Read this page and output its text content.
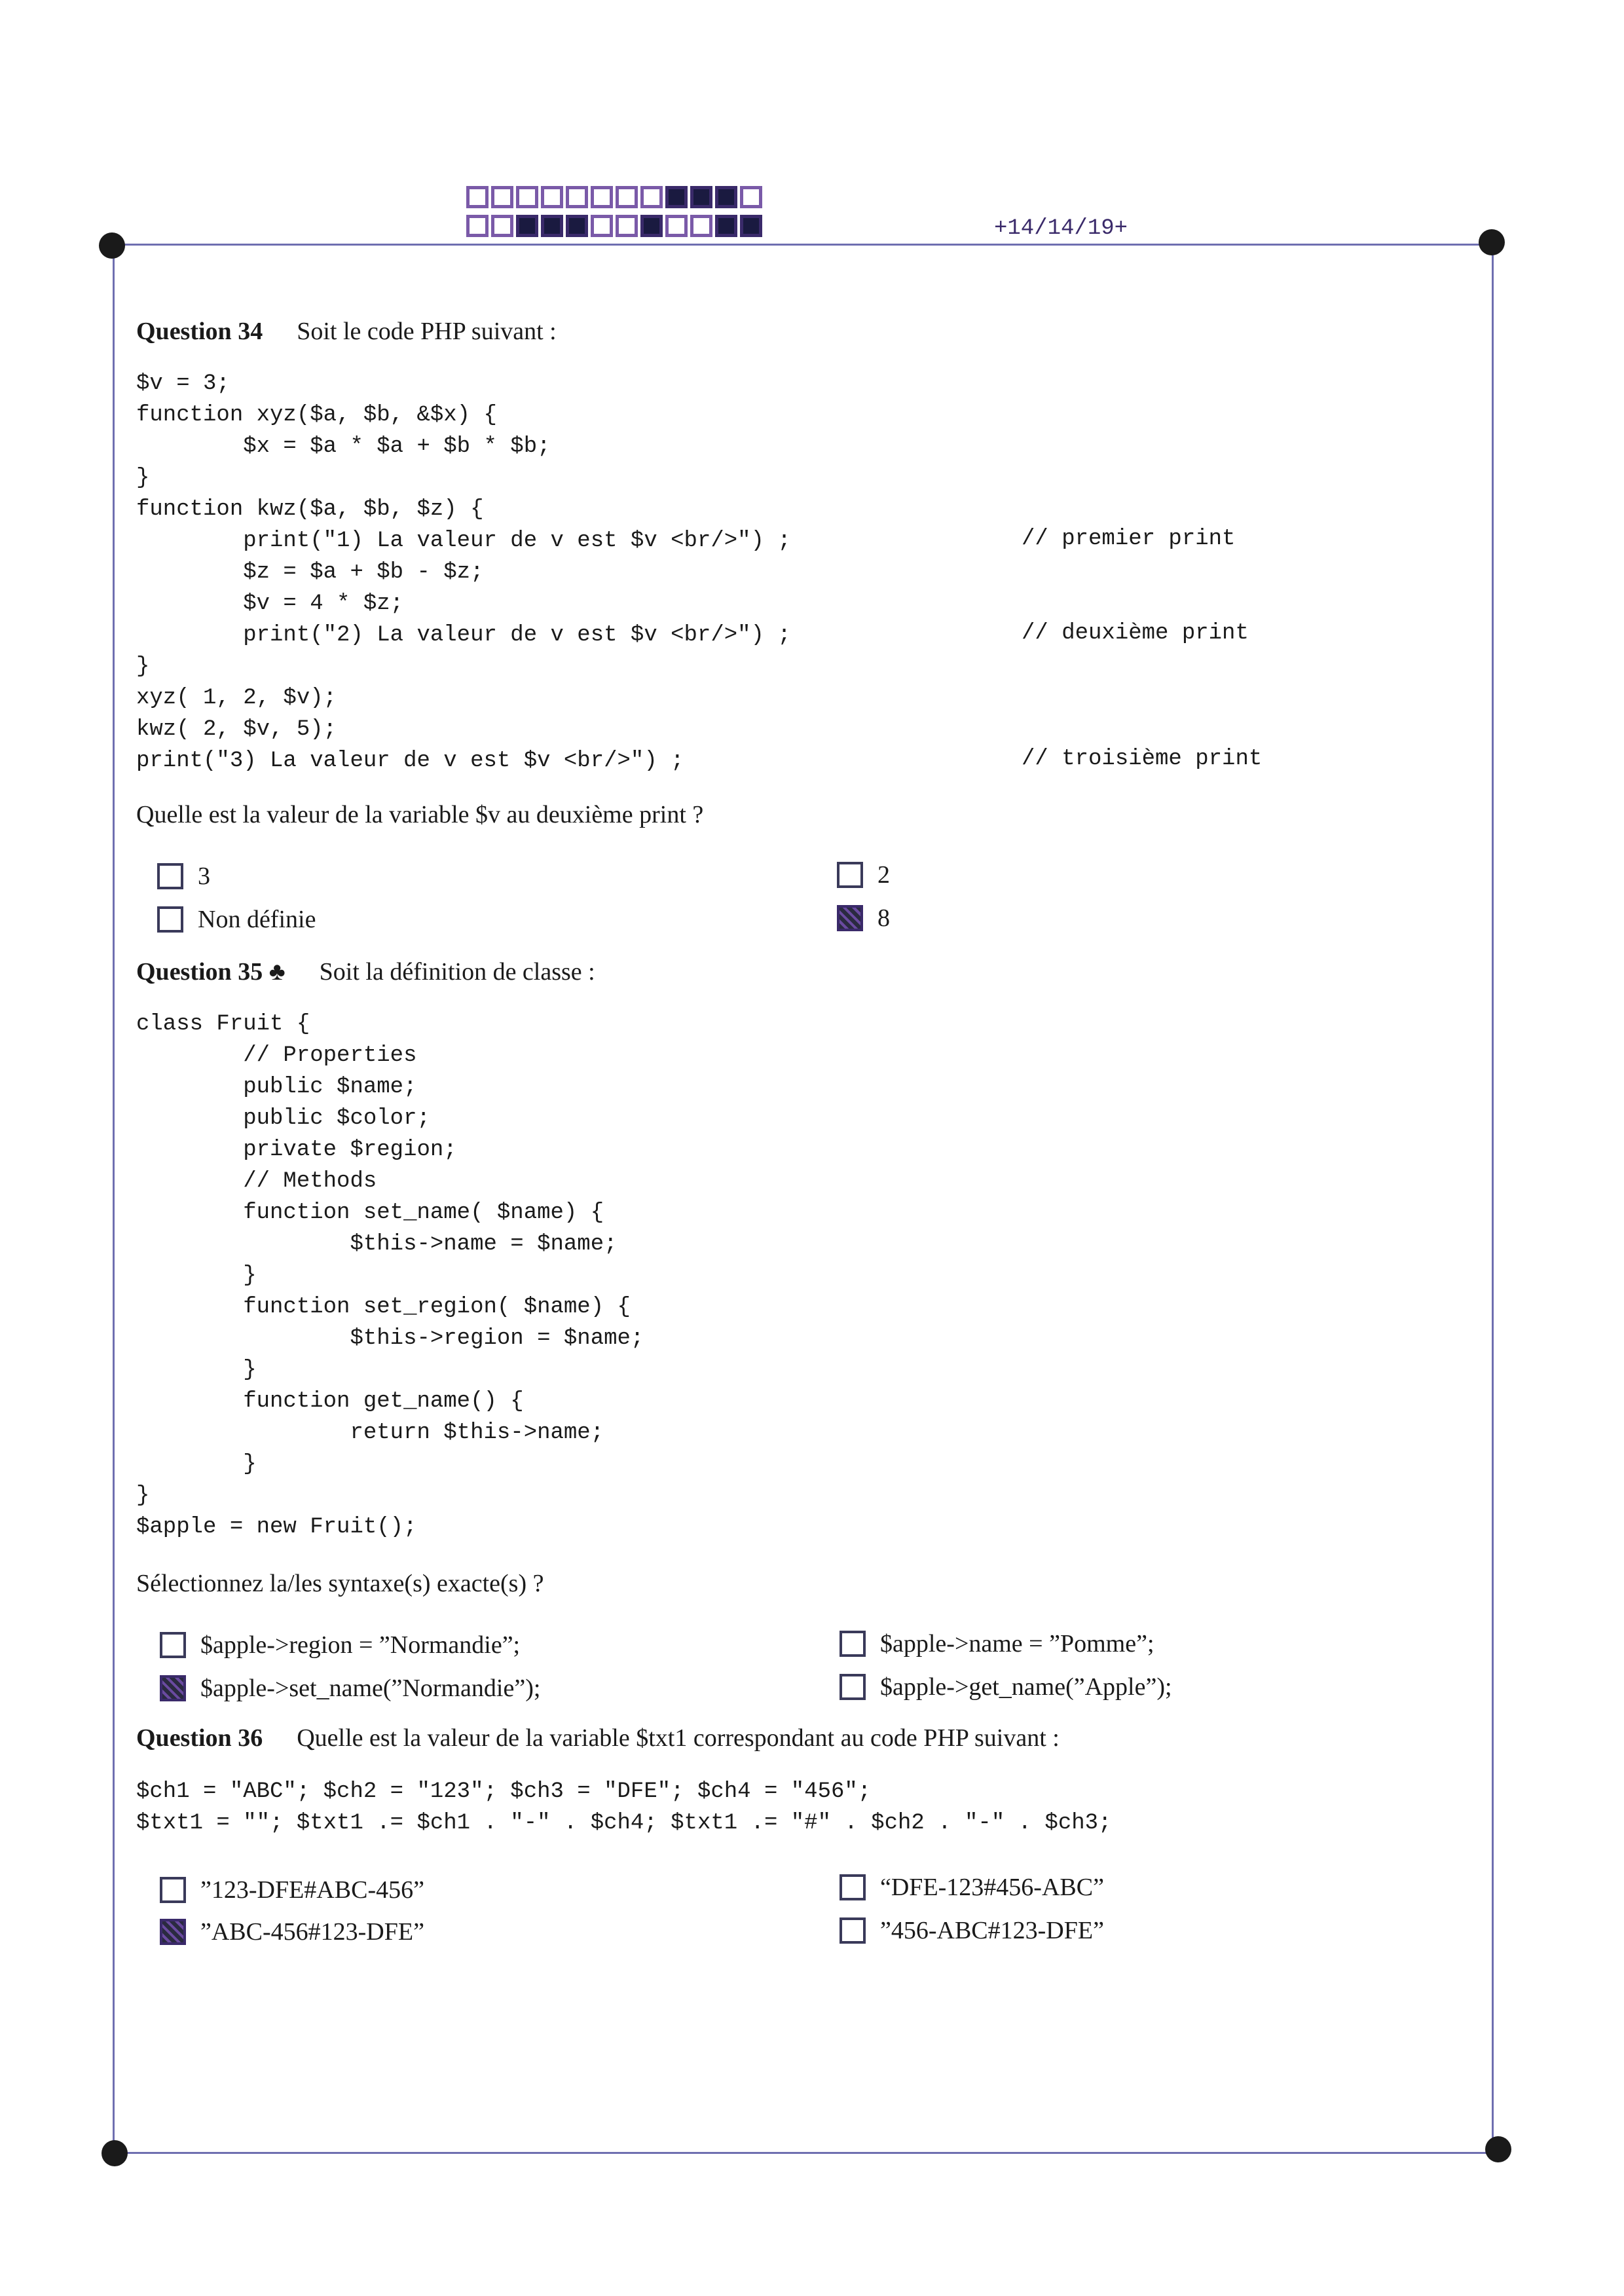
+14/14/19+
Question 34 Soit le code PHP suivant :
$v = 3;
function xyz($a, $b, &$x) {
$x = $a * $a + $b * $b;
}
function kwz($a, $b, $z) {
print("1) La valeur de v est $v <br/>") ;
$z = $a + $b - $z;
$v = 4 * $z;
print("2) La valeur de v est $v <br/>") ;
}
xyz( 1, 2, $v);
kwz( 2, $v, 5);
print("3) La valeur de v est $v <br/>") ;
// premier print
// deuxième print
// troisième print
Quelle est la valeur de la variable $v au deuxième print ?
3	2
Non définie	8
Question 35 ♣ Soit la définition de classe :
class Fruit {
// Properties
public $name;
public $color;
private $region;
// Methods
function set_name( $name) {
$this->name = $name;
}
function set_region( $name) {
$this->region = $name;
}
function get_name() {
return $this->name;
}
}
$apple = new Fruit();
Sélectionnez la/les syntaxe(s) exacte(s) ?
$apple->region = ”Normandie”;	$apple->name = ”Pomme”;
$apple->set_name(”Normandie”);	$apple->get_name(”Apple”);
Question 36 Quelle est la valeur de la variable $txt1 correspondant au code PHP suivant :
$ch1 = "ABC"; $ch2 = "123"; $ch3 = "DFE"; $ch4 = "456";
$txt1 = ""; $txt1 .= $ch1 . "-" . $ch4; $txt1 .= "#" . $ch2 . "-" . $ch3;
”123-DFE#ABC-456”	“DFE-123#456-ABC”
”ABC-456#123-DFE”	”456-ABC#123-DFE”
